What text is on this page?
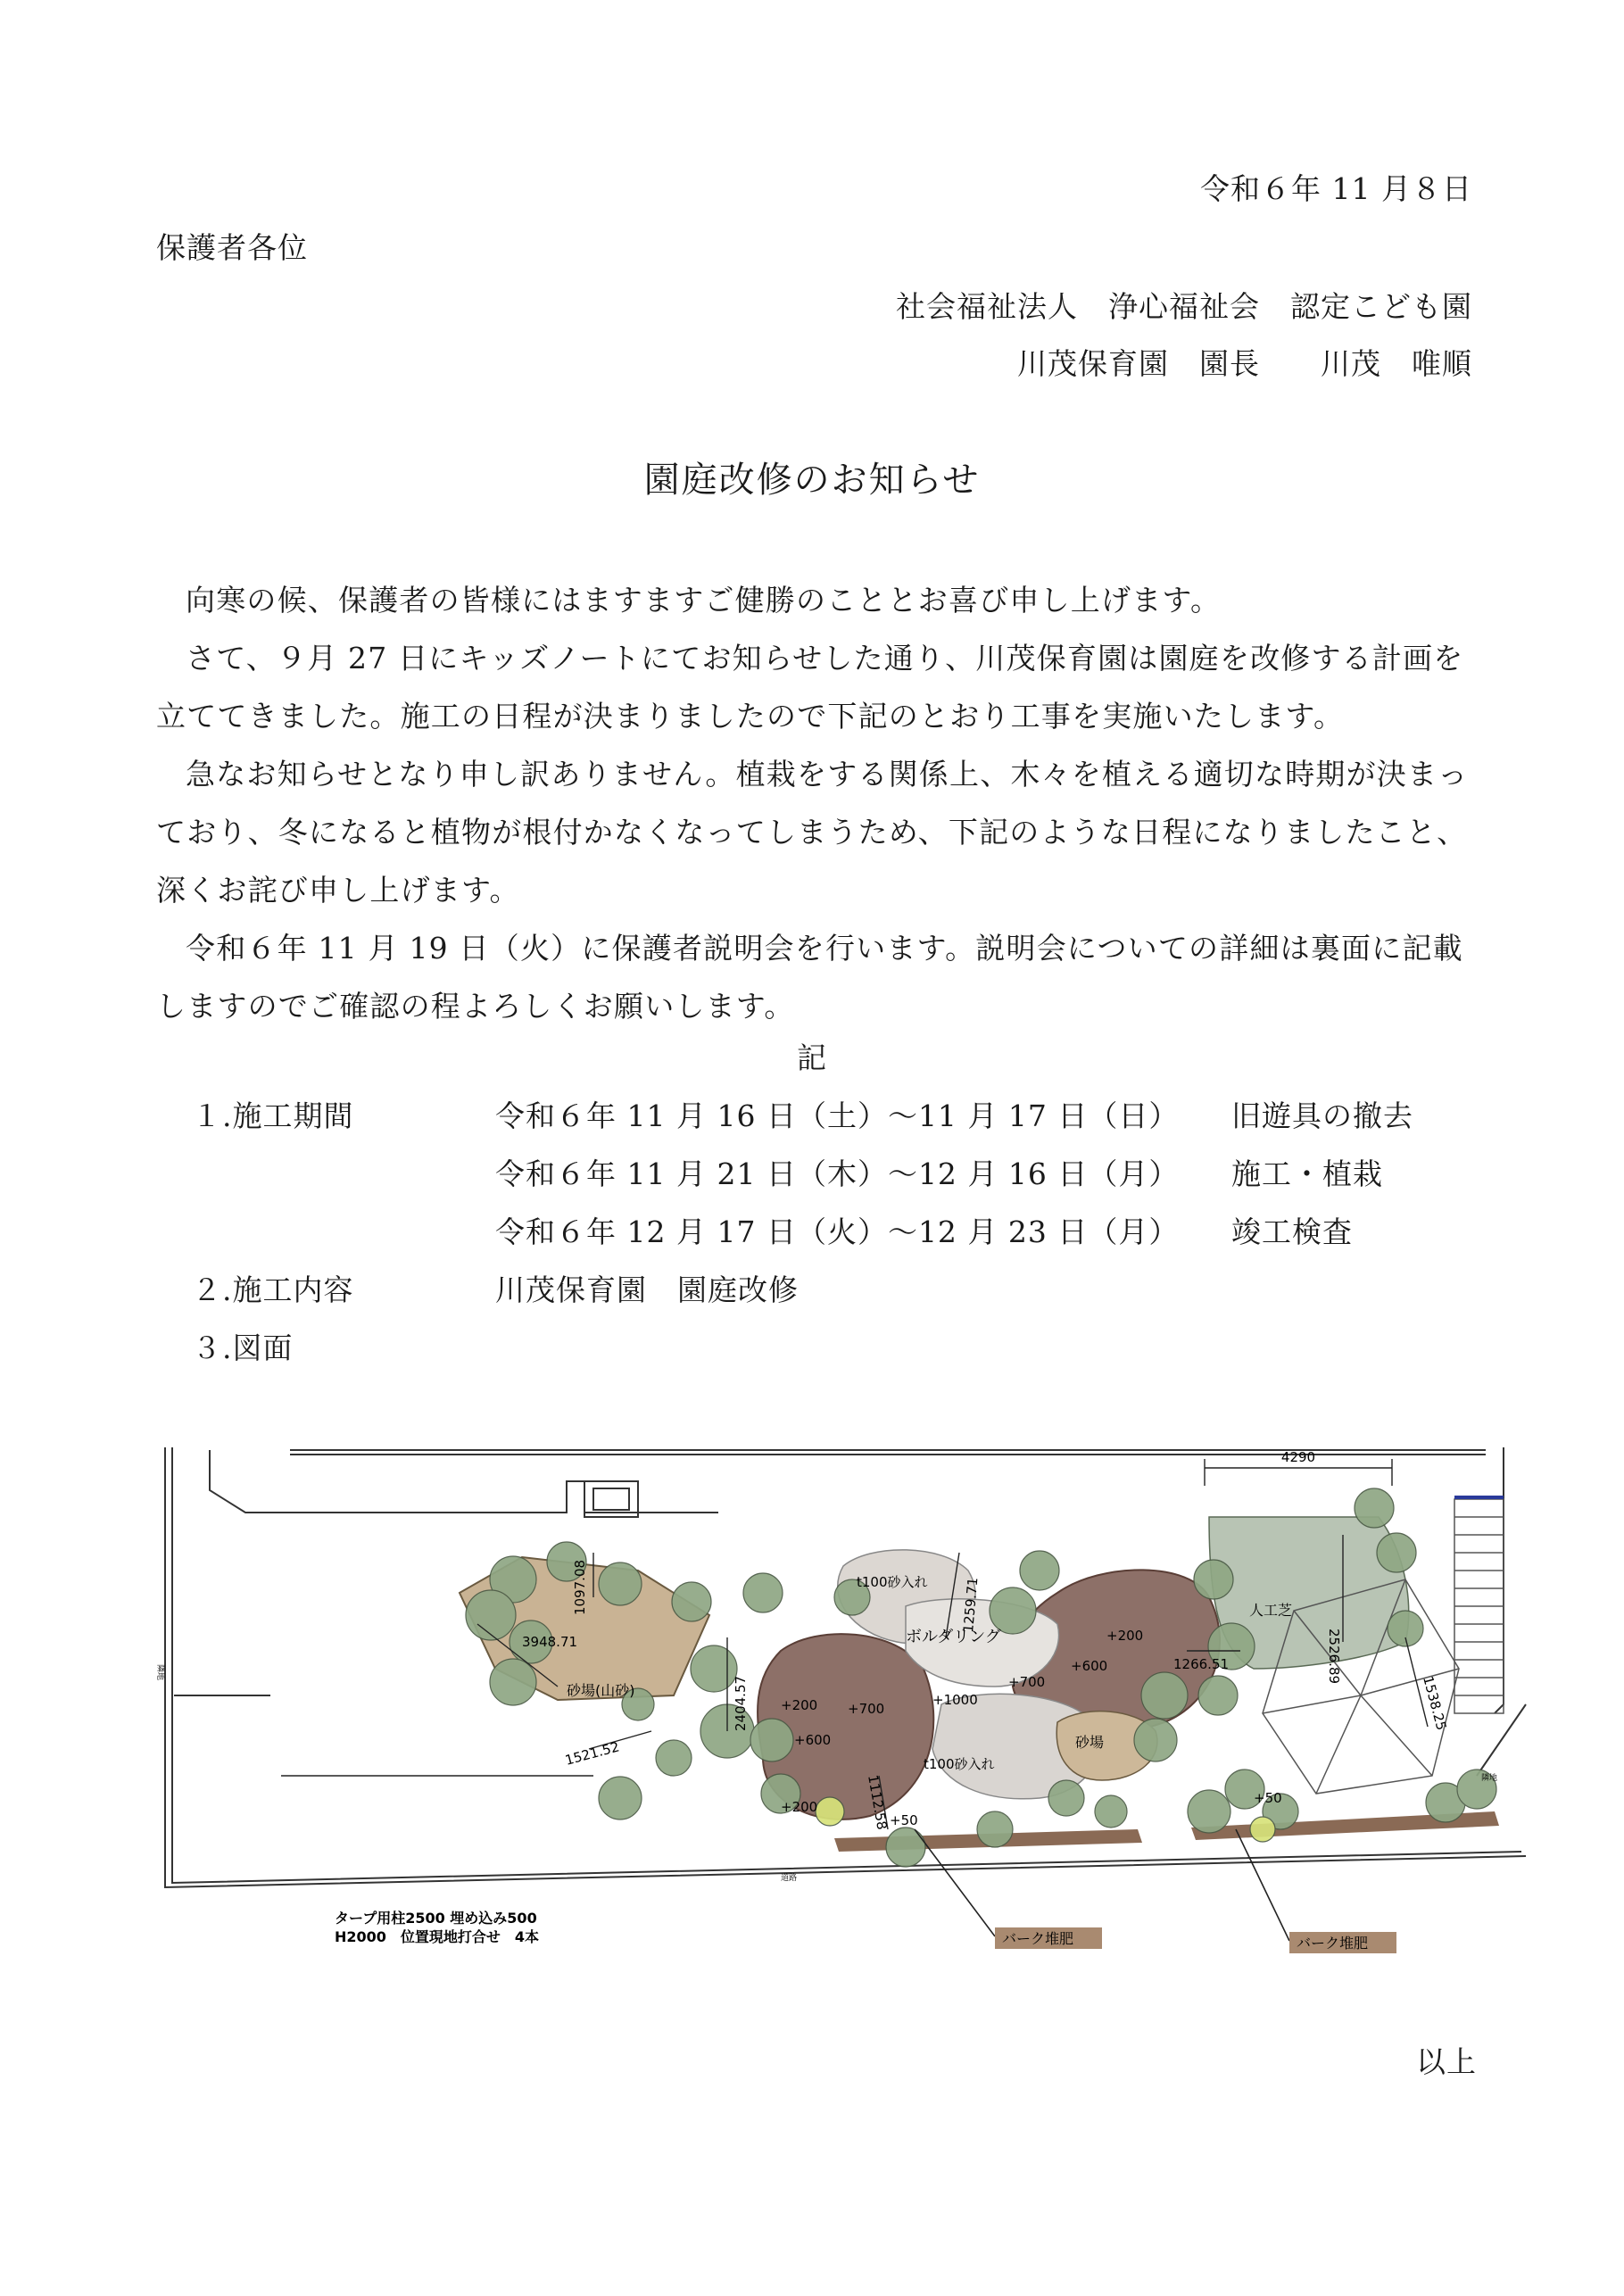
令和６年 11 月８日
保護者各位
社会福祉法人　浄心福祉会　認定こども園
川茂保育園　園長　　川茂　唯順
園庭改修のお知らせ

向寒の候、保護者の皆様にはますますご健勝のこととお喜び申し上げます。

さて、９月 27 日にキッズノートにてお知らせした通り、川茂保育園は園庭を改修する計画を立ててきました。施工の日程が決まりましたので下記のとおり工事を実施いたします。

急なお知らせとなり申し訳ありません。植栽をする関係上、木々を植える適切な時期が決まっており、冬になると植物が根付かなくなってしまうため、下記のような日程になりましたこと、深くお詫び申し上げます。

令和６年 11 月 19 日（火）に保護者説明会を行います。説明会についての詳細は裏面に記載しますのでご確認の程よろしくお願いします。

記
１.施工期間	令和６年 11 月 16 日（土）～11 月 17 日（日） 旧遊具の撤去
令和６年 11 月 21 日（木）～12 月 16 日（月） 施工・植栽
令和６年 12 月 17 日（火）～12 月 23 日（月） 竣工検査
２.施工内容	川茂保育園　園庭改修
３.図面
4290
人工芝
2526.89
1538.25
1266.51
t100砂入れ 1259.71
ボルダリング
1097.08
3948.71
砂場(山砂)	2404.57 +200
+200
+200
+600
+600
+700
+700
+1000
砂場
t100砂入れ
1521.52
1112.58 +50
+50
バーク堆肥	バーク堆肥
タープ用柱2500 埋め込み500
H2000　位置現地打合せ　4本
隣地
道路
隣地
以上
